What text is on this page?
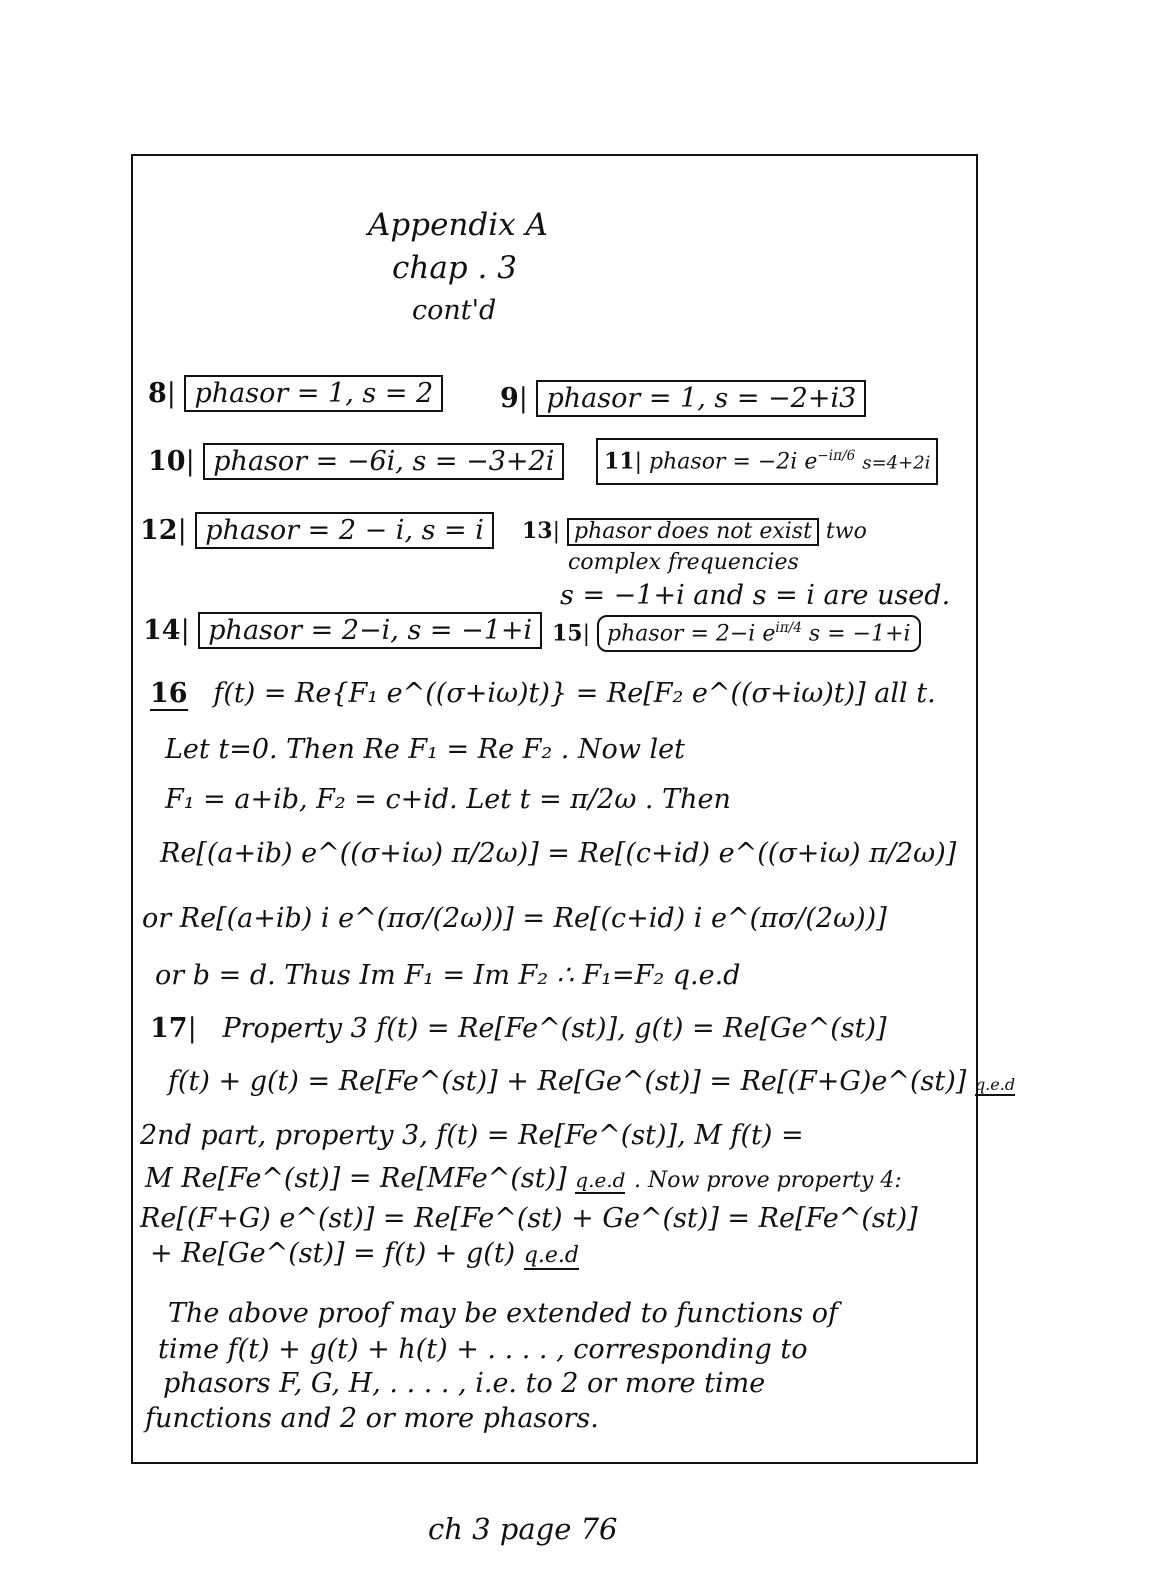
Appendix A
chap . 3
cont'd
8| phasor = 1, s = 2	9| phasor = 1, s = −2+i3
10| phasor = −6i, s = −3+2i	11| phasor = −2i $e^{-i\pi/6}$ s=4+2i
12| phasor = 2 − i, s = i	13| phasor does not exist two
complex frequencies
s = −1+i and s = i are used.
14| phasor = 2−i, s = −1+i 15| phasor = 2−i $e^{i\pi/4}$ s = −1+i
16 f(t) = Re{F₁ e^((σ+iω)t)} = Re[F₂ e^((σ+iω)t)] all t.
Let t=0. Then Re F₁ = Re F₂ . Now let
F₁ = a+ib, F₂ = c+id. Let t = π/2ω . Then
Re[(a+ib) e^((σ+iω) π/2ω)] = Re[(c+id) e^((σ+iω) π/2ω)]
or Re[(a+ib) i e^(πσ/(2ω))] = Re[(c+id) i e^(πσ/(2ω))]
or b = d. Thus Im F₁ = Im F₂ ∴ F₁=F₂ q.e.d
17|   Property 3 f(t) = Re[Fe^(st)], g(t) = Re[Ge^(st)]
f(t) + g(t) = Re[Fe^(st)] + Re[Ge^(st)] = Re[(F+G)e^(st)] q.e.d
2nd part, property 3, f(t) = Re[Fe^(st)], M f(t) =
M Re[Fe^(st)] = Re[MFe^(st)] q.e.d . Now prove property 4:
Re[(F+G) e^(st)] = Re[Fe^(st) + Ge^(st)] = Re[Fe^(st)]
+ Re[Ge^(st)] = f(t) + g(t) q.e.d
The above proof may be extended to functions of
time f(t) + g(t) + h(t) + . . . . , corresponding to
phasors F, G, H, . . . . , i.e. to 2 or more time
functions and 2 or more phasors.
ch 3 page 76
